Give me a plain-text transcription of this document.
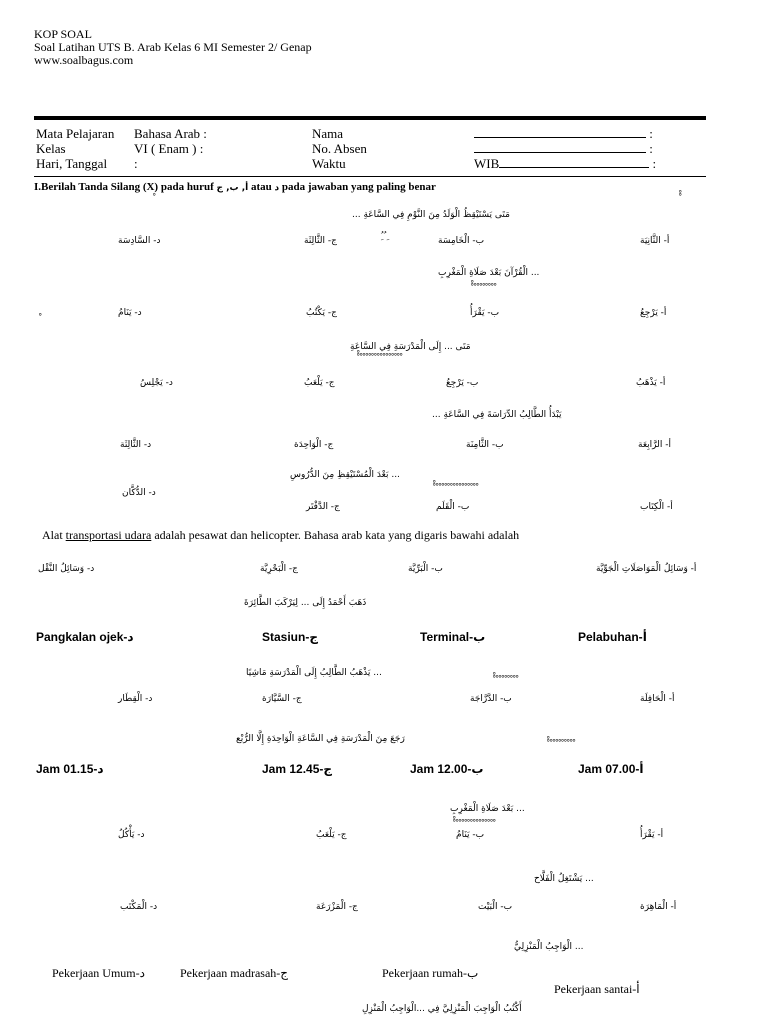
KOP SOAL
Soal Latihan UTS B. Arab Kelas 6 MI Semester 2/ Genap
www.soalbagus.com
Mata Pelajaran
Kelas
Hari, Tanggal
Bahasa Arab :
VI ( Enam ) :
:
Nama
No. Absen
Waktu
:
:
WIB	:
I.Berilah Tanda Silang (X) pada huruf أ, ب, ج atau د pada jawaban yang paling benar
ْ	ْ ْ
ُ ِ ُ ِ
مَتَى يَسْتَيْقِظُ الْوَلَدُ مِنَ النَّوْمِ فِي السَّاعَةِ ...
أ- الثَّانِيَة
ب- الْخَامِسَة
ج- الثَّالِثَة
د- السَّادِسَة
... الْقُرْآنَ بَعْدَ صَلَاةِ الْمَغْرِبِ
ْ ْ ْ ْ ْ ْ ْ ْ ْ ْ
أ- يَرْجِعُ
ب- يَقْرَأُ
ج- يَكْتُبُ
د- يَنَامُ
ْ
مَتَى ... إِلَى الْمَدْرَسَةِ فِي السَّاعَةِ
ْ ْ ْ ْ ْ ْ ْ ْ ْ ْ ْ ْ ْ ْ ْ ْ ْ
أ- يَذْهَبُ
ب- يَرْجِعُ
ج- يَلْعَبُ
د- يَجْلِسُ
يَبْدَأُ الطَّالِبُ الدِّرَاسَةَ فِي السَّاعَةِ ...
أ- الرَّابِعَة
ب- الثَّامِنَة
ج- الْوَاحِدَة
د- الثَّالِثَة
... بَعْدَ الْمُسْتَيْقِظِ مِنَ الدُّرُوسِ
ْ ْ ْ ْ ْ ْ ْ ْ ْ ْ ْ ْ ْ ْ ْ ْ ْ
أ- الْكِتَاب
ب- الْقَلَم
ج- الدَّفْتَر
د- الدُّكَّان
Alat transportasi udara adalah pesawat dan helicopter. Bahasa arab kata yang digaris bawahi adalah
أ- وَسَائِلُ الْمَوَاصَلَاتِ الْجَوِّيَّة
ب- الْبَرِّيَّة
ج- الْبَحْرِيَّة
د- وَسَائِلُ النَّقْل
ذَهَبَ أَحْمَدُ إِلَى ... لِيَرْكَبَ الطَّائِرَةَ
Pelabuhan-أ
Terminal-ب
Stasiun-ج
Pangkalan ojek-د
... يَذْهَبُ الطَّالِبُ إِلَى الْمَدْرَسَةِ مَاشِيًا
ْ ْ ْ ْ ْ ْ ْ ْ ْ ْ
أ- الْحَافِلَة
ب- الدَّرَّاجَة
ج- السَّيَّارَة
د- الْقِطَار
رَجَعَ مِنَ الْمَدْرَسَةِ فِي السَّاعَةِ الْوَاحِدَةِ إِلَّا الرُّبْع
ْ ْ ْ ْ ْ ْ ْ ْ ْ ْ ْ
Jam 07.00-أ
Jam 12.00-ب
Jam 12.45-ج
Jam 01.15-د
... بَعْدَ صَلَاةِ الْمَغْرِبِ
ْ ْ ْ ْ ْ ْ ْ ْ ْ ْ ْ ْ ْ ْ ْ ْ
أ- يَقْرَأُ
ب- يَنَامُ
ج- يَلْعَبُ
د- يَأْكُلُ
... يَشْتَغِلُ الْفَلَّاح
أ- الْمَاهِرَة
ب- الْبَيْت
ج- الْمَزْرَعَة
د- الْمَكْتَب
... الْوَاجِبُ الْمَنْزِلِيُّ
Pekerjaan santai-أ
Pekerjaan rumah-ب
Pekerjaan madrasah-ج
Pekerjaan Umum-د
أَكْتُبُ الْوَاجِبَ الْمَنْزِلِيَّ فِي ...الْوَاجِبُ الْمَنْزِلِ
